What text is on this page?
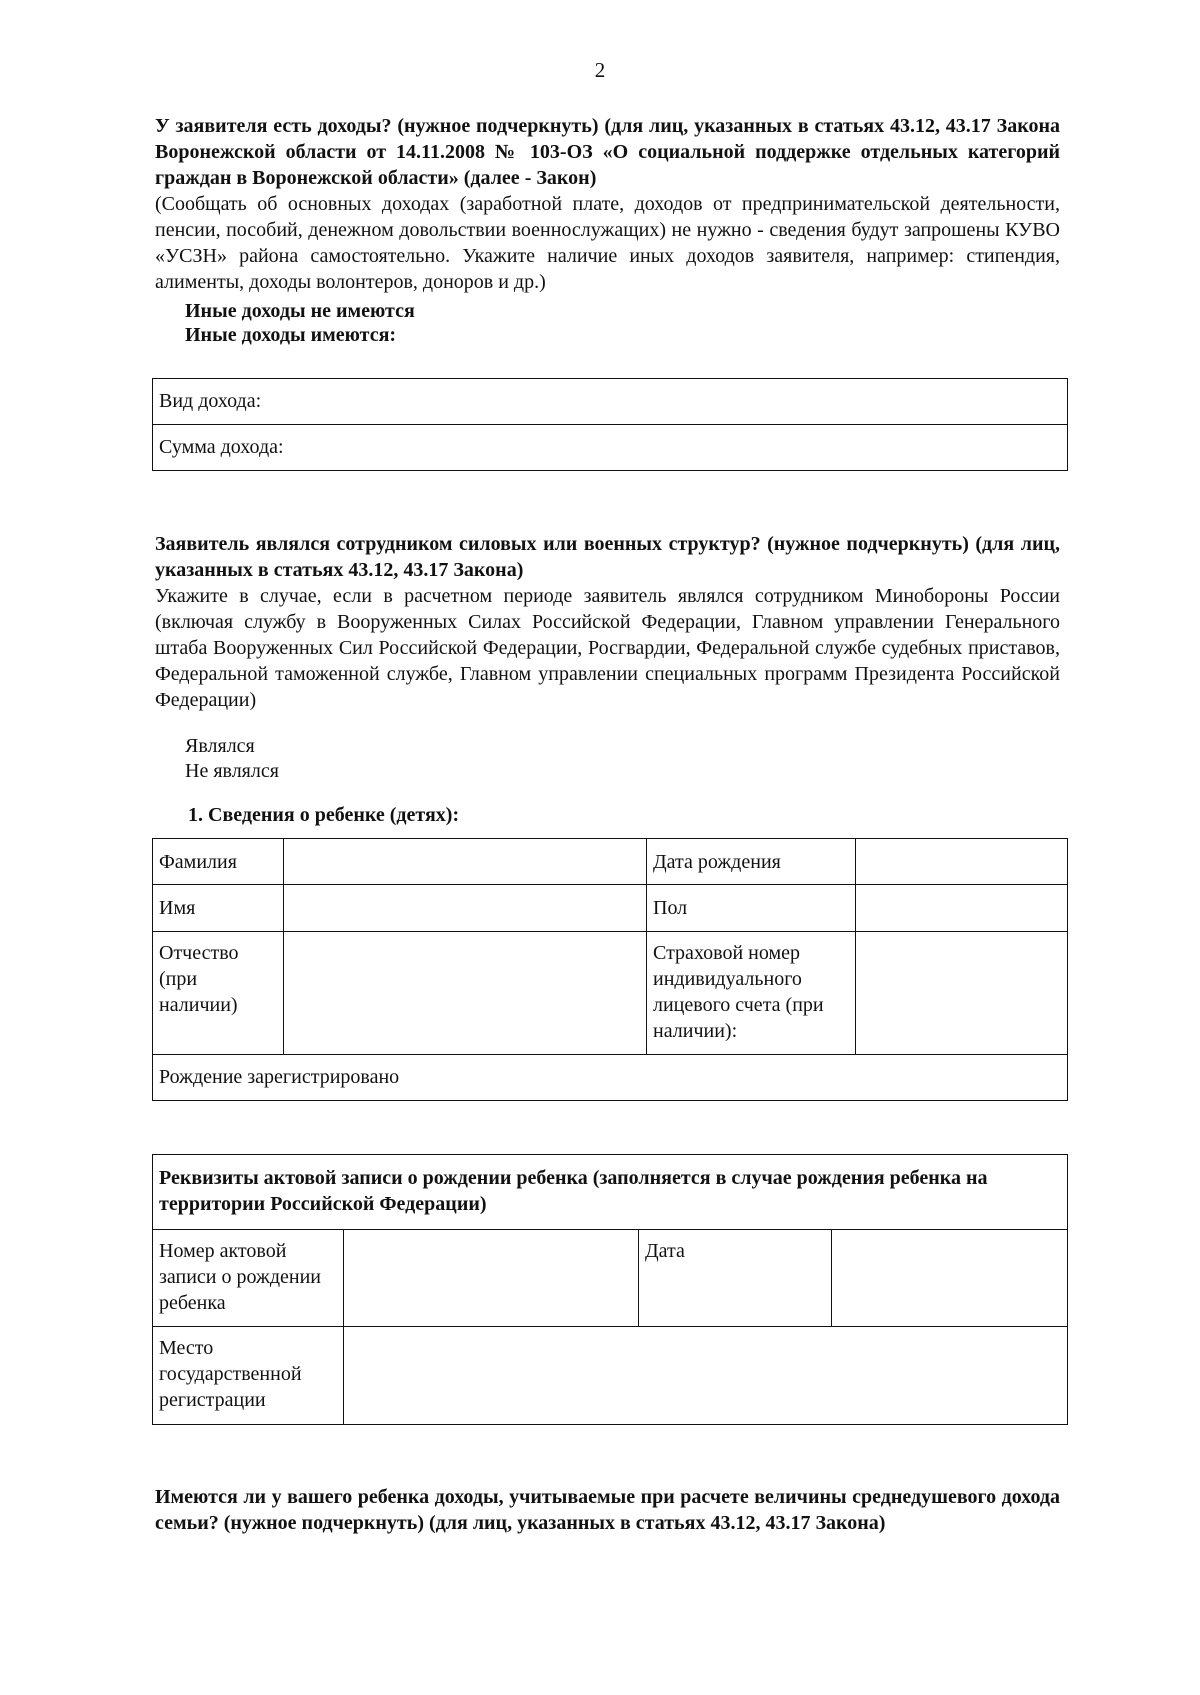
2
У заявителя есть доходы? (нужное подчеркнуть) (для лиц, указанных в статьях 43.12, 43.17 Закона Воронежской области от 14.11.2008 № 103-ОЗ «О социальной поддержке отдельных категорий граждан в Воронежской области» (далее - Закон)
(Сообщать об основных доходах (заработной плате, доходов от предпринимательской деятельности, пенсии, пособий, денежном довольствии военнослужащих) не нужно - сведения будут запрошены КУВО «УСЗН» района самостоятельно. Укажите наличие иных доходов заявителя, например: стипендия, алименты, доходы волонтеров, доноров и др.)
Иные доходы не имеются
Иные доходы имеются:
Вид дохода:
Сумма дохода:
Заявитель являлся сотрудником силовых или военных структур? (нужное подчеркнуть) (для лиц, указанных в статьях 43.12, 43.17 Закона)
Укажите в случае, если в расчетном периоде заявитель являлся сотрудником Минобороны России (включая службу в Вооруженных Силах Российской Федерации, Главном управлении Генерального штаба Вооруженных Сил Российской Федерации, Росгвардии, Федеральной службе судебных приставов, Федеральной таможенной службе, Главном управлении специальных программ Президента Российской Федерации)
Являлся
Не являлся
1. Сведения о ребенке (детях):
Фамилия		Дата рождения	
Имя		Пол	
Отчество (при наличии)		Страховой номер индивидуального лицевого счета (при наличии):	
Рождение зарегистрировано			
Реквизиты актовой записи о рождении ребенка (заполняется в случае рождения ребенка на территории Российской Федерации)			
Номер актовой записи о рождении ребенка		Дата	
Место государственной регистрации			
Имеются ли у вашего ребенка доходы, учитываемые при расчете величины среднедушевого дохода семьи? (нужное подчеркнуть) (для лиц, указанных в статьях 43.12, 43.17 Закона)
